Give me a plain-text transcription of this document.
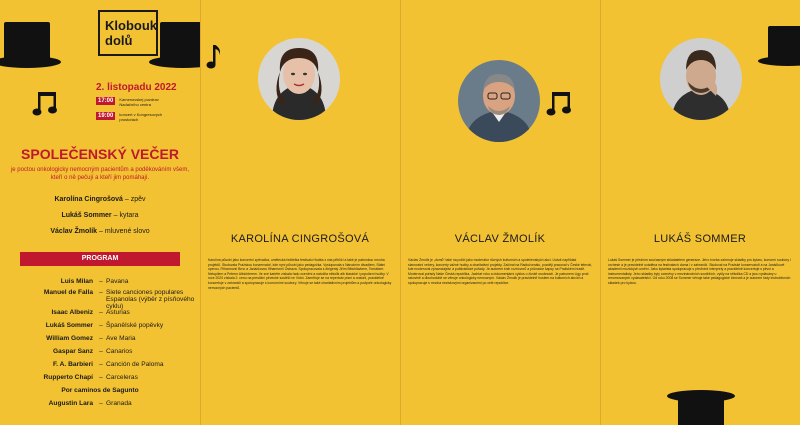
Klobouk
dolů
2. listopadu 2022
17:00	Kamenovskej pozdrav Nadačního centra
19:00	koncert v Kongresových prostorách
SPOLEČENSKÝ VEČER
je poctou onkologicky nemocným pacientům a poděkováním všem, kteří o ně pečují a kteří jim pomáhají.
Karolína Cingrošová – zpěv
Lukáš Sommer – kytara
Václav Žmolík – mluvené slovo
PROGRAM
Luis Milan – Pavana
Manuel de Falla – Siete canciones populares Espanolas (výběr z písňového cyklu)
Isaac Albeniz – Asturias
Lukáš Sommer – Španělské popěvky
William Gomez – Ave Maria
Gaspar Sanz – Canarios
F. A. Barbieri – Canción de Paloma
Rupperto Chapí – Carceleras
Por caminos de Sagunto
Augustin Lara – Granada
KAROLÍNA CINGROŠOVÁ
Karolína působí jako koncertní zpěvačka, umělecká ředitelka festivalu Hudba z nás přiblíží a také je patronkou mnoha projektů. Studovala Pražskou konzervatoř, kde nyní působí jako pedagožka. Vystupovala s Národním divadlem, Státní operou, Filharmonií Brno a Janáčkovou filharmonií Ostrava. Spolupracovala s dirigenty Jiřím Bělohlávkem, Tomášem Netopilem a Petrem Altrichterem. Ve své kariéře získala řadu ocenění a natočila několik alb klasické i populární hudby. V roce 2020 získala 2. cenu na prestižní pěvecké soutěži ve Vídni. Zaměřuje se na repertoár písní a oratorií, pravidelně koncertuje v zahraničí a spolupracuje s komorními soubory. Věnuje se také charitativním projektům a podpoře onkologicky nemocných pacientů.
VÁCLAV ŽMOLÍK
Václav Žmolík je „domů“ také na poličí jako moderátor různých kulturních a společenských akcí. Uvádí například slavnostní večery, koncerty vážné hudby a charitativní projekty. Začínal na Radiožurnálu, později pracoval v České televizi, kde moderoval zpravodajství a publicistické pořady. Je autorem knih rozhovorů a průvodce kapsy na Pražském hradě. Moderoval pořady Naše Česká republika, Jachtař roku a dokumentární cyklus o životě osobností. Je patronem Ligy proti rakovině a dlouhodobě se věnuje onkologicky nemocným. Václav Žmolík je pravidelně hostem na kulturních akcích a spolupracuje s mnoha neziskovými organizacemi po celé republice.
LUKÁŠ SOMMER
Lukáš Sommer je předním současným skladatelem generace. Jeho tvorba zahrnuje skladby pro kytaru, komorní soubory i orchestr a je pravidelně uváděna na festivalech doma i v zahraničí. Studoval na Pražské konzervatoři a na Janáčkově akademii múzických umění. Jako kytarista spolupracuje s předními interprety a pravidelně koncertuje s pěvci a instrumentalisty. Jeho skladby byly oceněny v mezinárodních soutěžích, vyšly na několika CD a jsou vydávány u renomovaných vydavatelství. Od roku 2008 se Sommer věnuje také pedagogické činnosti a je autorem řady instruktivních skladeb pro kytaru.
